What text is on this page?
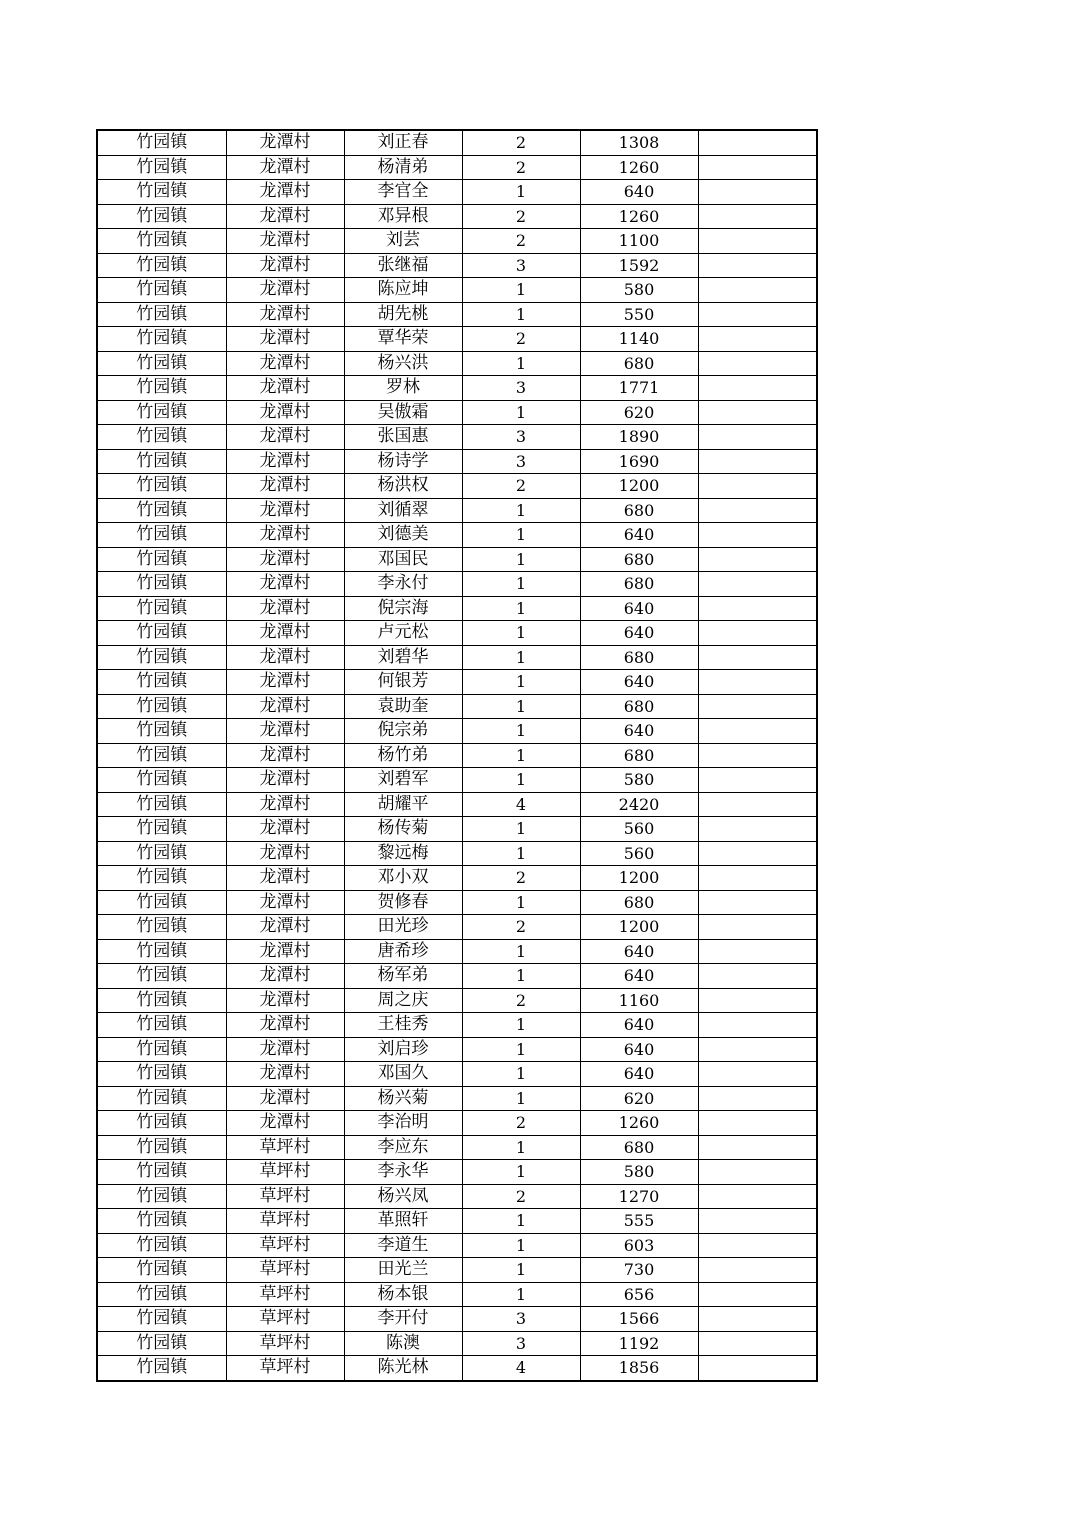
竹园镇	龙潭村	刘正春	2	1308	
竹园镇	龙潭村	杨清弟	2	1260	
竹园镇	龙潭村	李官全	1	640	
竹园镇	龙潭村	邓异根	2	1260	
竹园镇	龙潭村	刘芸	2	1100	
竹园镇	龙潭村	张继福	3	1592	
竹园镇	龙潭村	陈应坤	1	580	
竹园镇	龙潭村	胡先桃	1	550	
竹园镇	龙潭村	覃华荣	2	1140	
竹园镇	龙潭村	杨兴洪	1	680	
竹园镇	龙潭村	罗林	3	1771	
竹园镇	龙潭村	吴傲霜	1	620	
竹园镇	龙潭村	张国惠	3	1890	
竹园镇	龙潭村	杨诗学	3	1690	
竹园镇	龙潭村	杨洪权	2	1200	
竹园镇	龙潭村	刘循翠	1	680	
竹园镇	龙潭村	刘德美	1	640	
竹园镇	龙潭村	邓国民	1	680	
竹园镇	龙潭村	李永付	1	680	
竹园镇	龙潭村	倪宗海	1	640	
竹园镇	龙潭村	卢元松	1	640	
竹园镇	龙潭村	刘碧华	1	680	
竹园镇	龙潭村	何银芳	1	640	
竹园镇	龙潭村	袁助奎	1	680	
竹园镇	龙潭村	倪宗弟	1	640	
竹园镇	龙潭村	杨竹弟	1	680	
竹园镇	龙潭村	刘碧军	1	580	
竹园镇	龙潭村	胡耀平	4	2420	
竹园镇	龙潭村	杨传菊	1	560	
竹园镇	龙潭村	黎远梅	1	560	
竹园镇	龙潭村	邓小双	2	1200	
竹园镇	龙潭村	贺修春	1	680	
竹园镇	龙潭村	田光珍	2	1200	
竹园镇	龙潭村	唐希珍	1	640	
竹园镇	龙潭村	杨军弟	1	640	
竹园镇	龙潭村	周之庆	2	1160	
竹园镇	龙潭村	王桂秀	1	640	
竹园镇	龙潭村	刘启珍	1	640	
竹园镇	龙潭村	邓国久	1	640	
竹园镇	龙潭村	杨兴菊	1	620	
竹园镇	龙潭村	李治明	2	1260	
竹园镇	草坪村	李应东	1	680	
竹园镇	草坪村	李永华	1	580	
竹园镇	草坪村	杨兴凤	2	1270	
竹园镇	草坪村	革照轩	1	555	
竹园镇	草坪村	李道生	1	603	
竹园镇	草坪村	田光兰	1	730	
竹园镇	草坪村	杨本银	1	656	
竹园镇	草坪村	李开付	3	1566	
竹园镇	草坪村	陈澳	3	1192	
竹园镇	草坪村	陈光林	4	1856	
